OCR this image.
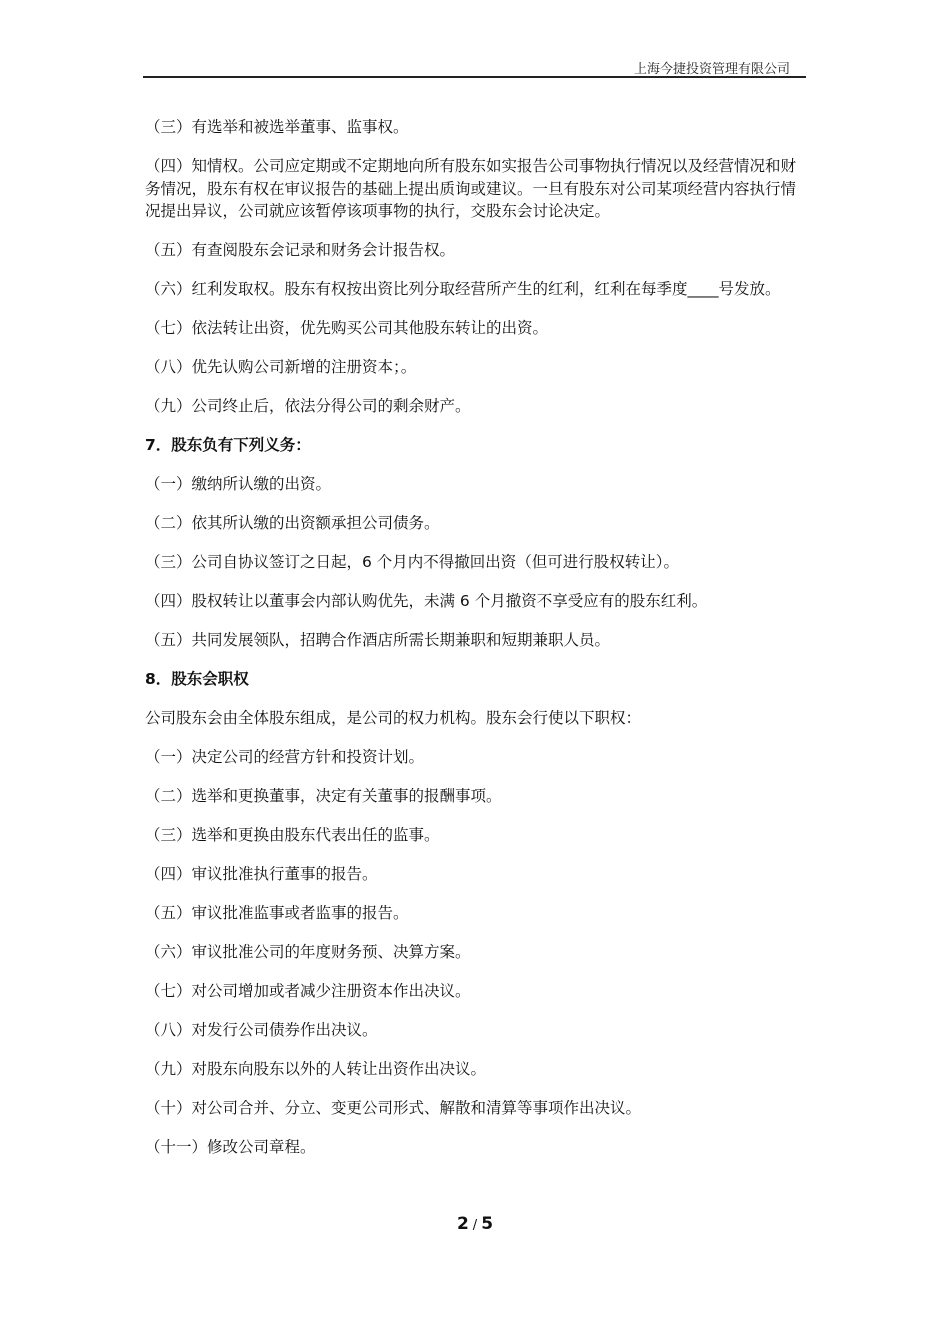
上海今捷投资管理有限公司

（三）有选举和被选举董事、监事权。

（四）知情权。公司应定期或不定期地向所有股东如实报告公司事物执行情况以及经营情况和财务情况，股东有权在审议报告的基础上提出质询或建议。一旦有股东对公司某项经营内容执行情况提出异议，公司就应该暂停该项事物的执行，交股东会讨论决定。

（五）有查阅股东会记录和财务会计报告权。

（六）红利发取权。股东有权按出资比列分取经营所产生的红利，红利在每季度____号发放。

（七）依法转让出资，优先购买公司其他股东转让的出资。

（八）优先认购公司新增的注册资本；。

（九）公司终止后，依法分得公司的剩余财产。

7．股东负有下列义务：

（一）缴纳所认缴的出资。

（二）依其所认缴的出资额承担公司债务。

（三）公司自协议签订之日起，6 个月内不得撤回出资（但可进行股权转让）。

（四）股权转让以董事会内部认购优先，未满 6 个月撤资不享受应有的股东红利。

（五）共同发展领队，招聘合作酒店所需长期兼职和短期兼职人员。

8．股东会职权

公司股东会由全体股东组成，是公司的权力机构。股东会行使以下职权：

（一）决定公司的经营方针和投资计划。

（二）选举和更换董事，决定有关董事的报酬事项。

（三）选举和更换由股东代表出任的监事。

（四）审议批准执行董事的报告。

（五）审议批准监事或者监事的报告。

（六）审议批准公司的年度财务预、决算方案。

（七）对公司增加或者减少注册资本作出决议。

（八）对发行公司债券作出决议。

（九）对股东向股东以外的人转让出资作出决议。

（十）对公司合并、分立、变更公司形式、解散和清算等事项作出决议。

（十一）修改公司章程。

2 / 5
